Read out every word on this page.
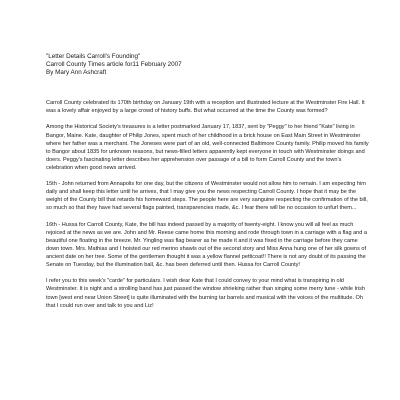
"Letter Details Carroll's Founding"
Carroll County Times article for11 February 2007
By Mary Ann Ashcraft

Carroll County celebrated its 170th birthday on January 19th with a reception and illustrated lecture at the Westminster Fire Hall. It was a lovely affair enjoyed by a large crowd of history buffs. But what occurred at the time the County was formed?

Among the Historical Society's treasures is a letter postmarked January 17, 1837, sent by "Peggy" to her friend "Kate" living in Bangor, Maine. Kate, daughter of Philip Jones, spent much of her childhood in a brick house on East Main Street in Westminster where her father was a merchant. The Joneses were part of an old, well-connected Baltimore County family. Philip moved his family to Bangor about 1835 for unknown reasons, but news-filled letters apparently kept everyone in touch with Westminster doings and doers. Peggy's fascinating letter describes her apprehension over passage of a bill to form Carroll County and the town's celebration when good news arrived.

15th - John returned from Annapolis for one day, but the citizens of Westminster would not allow him to remain. I am expecting him daily and shall keep this letter until he arrives, that I may give you the news respecting Carroll County. I hope that it may be the weight of the County bill that retards his homeward steps. The people here are very sanguine respecting the confirmation of the bill, so much so that they have had several flags painted, transparencies made, &c. I fear there will be no occasion to unfurl them...

16th - Hussa for Carroll County, Kate, the bill has indeed passed by a majority of twenty-eight. I know you will all feel as much rejoiced at the news as we are. John and Mr. Reese came home this morning and rode through town in a carriage with a flag and a beautiful one floating in the breeze. Mr. Yingling was flag bearer as he made it and it was fixed in the carriage before they came down town. Mrs. Mathias and I hoisted our red merino shawls out of the second story and Miss Anna hung one of her silk gowns of ancient date on her tree. Some of the gentlemen thought it was a yellow flannel petticoat!! There is not any doubt of its passing the Senate on Tuesday, but the illumination ball, &c. has been deferred until then. Hussa for Carroll County!

I refer you to this week's "carde" for particulars. I wish dear Kate that I could convey to your mind what is transpiring in old Westminster. It is night and a strolling band has just passed the window shrieking rather than singing some merry tune - while Irish town [west end near Union Street] is quite illuminated with the burning tar barrels and musical with the voices of the multitude. Oh that I could run over and talk to you and Liz!
